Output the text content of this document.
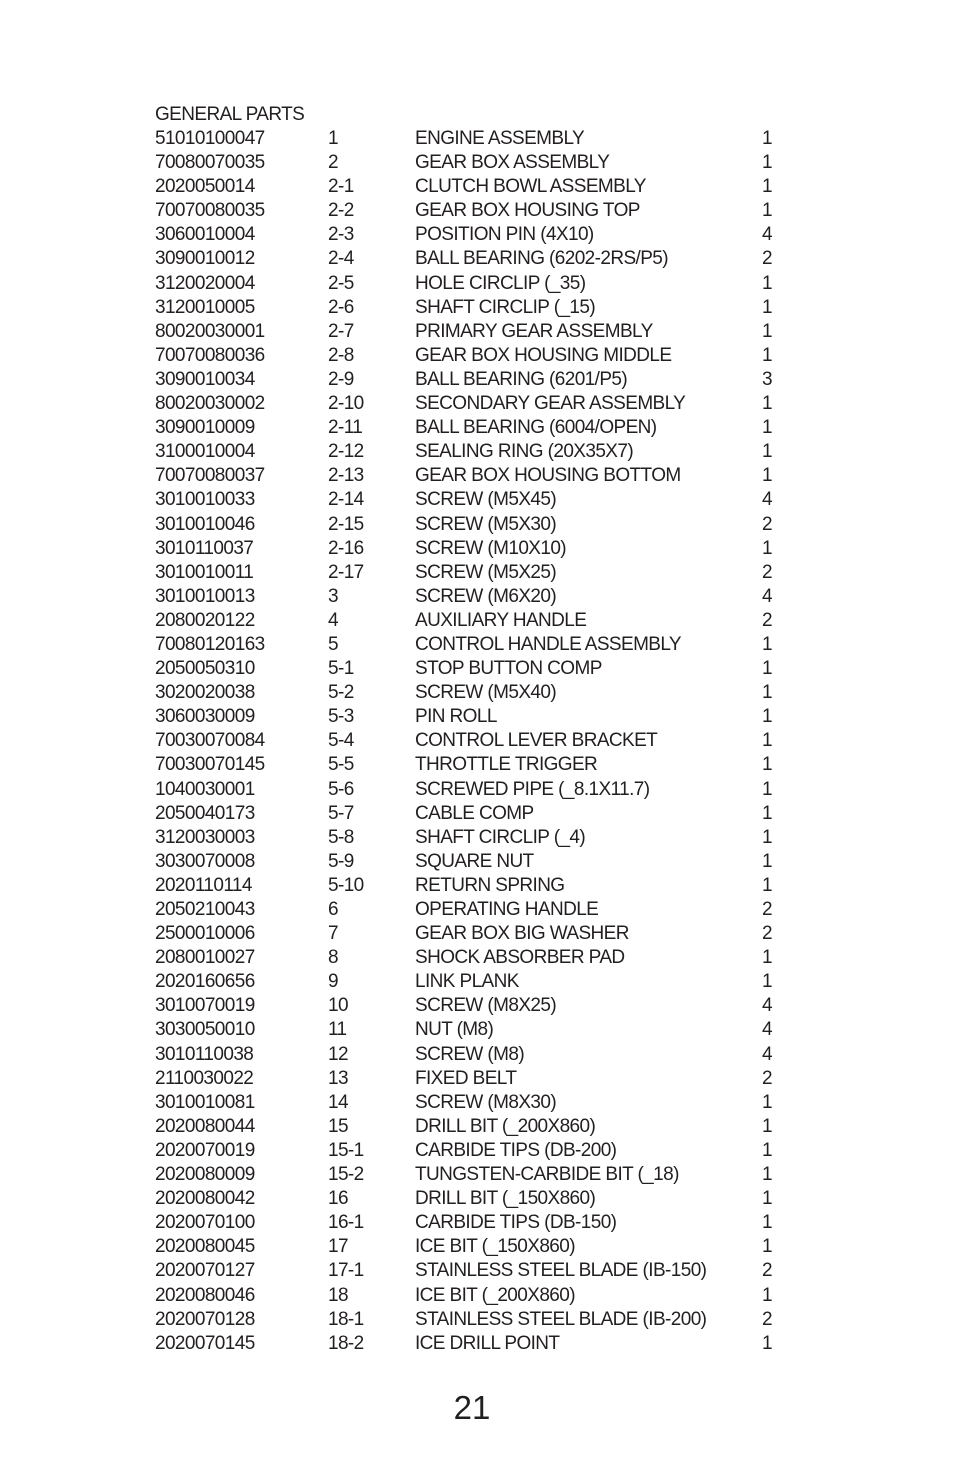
GENERAL PARTS
51010100047	1	ENGINE ASSEMBLY	1
70080070035	2	GEAR BOX ASSEMBLY	1
2020050014	2-1	CLUTCH BOWL ASSEMBLY	1
70070080035	2-2	GEAR BOX HOUSING TOP	1
3060010004	2-3	POSITION PIN (4X10)	4
3090010012	2-4	BALL BEARING (6202-2RS/P5)	2
3120020004	2-5	HOLE CIRCLIP (_35)	1
3120010005	2-6	SHAFT CIRCLIP (_15)	1
80020030001	2-7	PRIMARY GEAR ASSEMBLY	1
70070080036	2-8	GEAR BOX HOUSING MIDDLE	1
3090010034	2-9	BALL BEARING (6201/P5)	3
80020030002	2-10	SECONDARY GEAR ASSEMBLY	1
3090010009	2-11	BALL BEARING (6004/OPEN)	1
3100010004	2-12	SEALING RING (20X35X7)	1
70070080037	2-13	GEAR BOX HOUSING BOTTOM	1
3010010033	2-14	SCREW (M5X45)	4
3010010046	2-15	SCREW (M5X30)	2
3010110037	2-16	SCREW (M10X10)	1
3010010011	2-17	SCREW (M5X25)	2
3010010013	3	SCREW (M6X20)	4
2080020122	4	AUXILIARY HANDLE	2
70080120163	5	CONTROL HANDLE ASSEMBLY	1
2050050310	5-1	STOP BUTTON COMP	1
3020020038	5-2	SCREW (M5X40)	1
3060030009	5-3	PIN ROLL	1
70030070084	5-4	CONTROL LEVER BRACKET	1
70030070145	5-5	THROTTLE TRIGGER	1
1040030001	5-6	SCREWED PIPE (_8.1X11.7)	1
2050040173	5-7	CABLE COMP	1
3120030003	5-8	SHAFT CIRCLIP (_4)	1
3030070008	5-9	SQUARE NUT	1
2020110114	5-10	RETURN SPRING	1
2050210043	6	OPERATING HANDLE	2
2500010006	7	GEAR BOX BIG WASHER	2
2080010027	8	SHOCK ABSORBER PAD	1
2020160656	9	LINK PLANK	1
3010070019	10	SCREW (M8X25)	4
3030050010	11	NUT (M8)	4
3010110038	12	SCREW (M8)	4
2110030022	13	FIXED BELT	2
3010010081	14	SCREW (M8X30)	1
2020080044	15	DRILL BIT (_200X860)	1
2020070019	15-1	CARBIDE TIPS (DB-200)	1
2020080009	15-2	TUNGSTEN-CARBIDE BIT (_18)	1
2020080042	16	DRILL BIT (_150X860)	1
2020070100	16-1	CARBIDE TIPS (DB-150)	1
2020080045	17	ICE BIT (_150X860)	1
2020070127	17-1	STAINLESS STEEL BLADE (IB-150)	2
2020080046	18	ICE BIT (_200X860)	1
2020070128	18-1	STAINLESS STEEL BLADE (IB-200)	2
2020070145	18-2	ICE DRILL POINT	1
21
